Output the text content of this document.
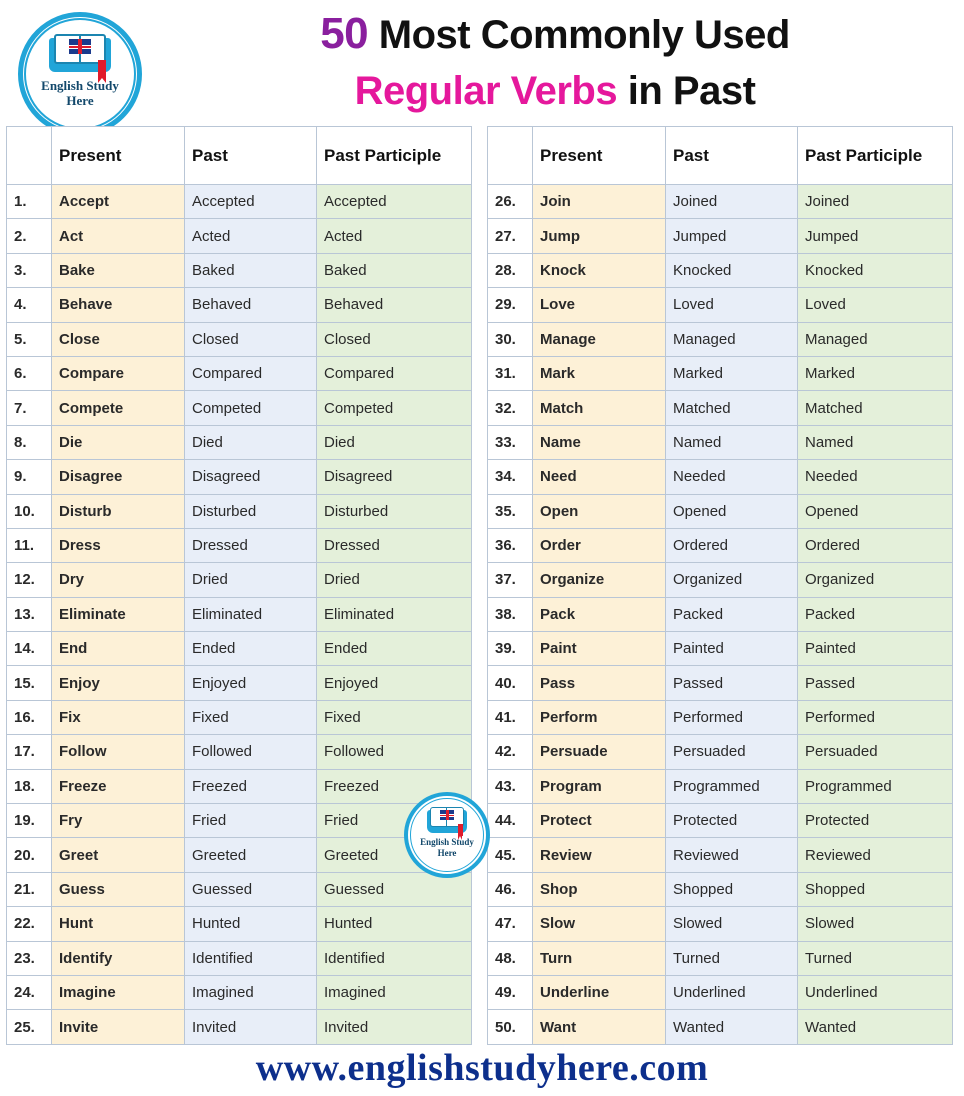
English Study
Here
50 Most Commonly Used
Regular Verbs in Past
	Present	Past	Past Participle
1.	Accept	Accepted	Accepted
2.	Act	Acted	Acted
3.	Bake	Baked	Baked
4.	Behave	Behaved	Behaved
5.	Close	Closed	Closed
6.	Compare	Compared	Compared
7.	Compete	Competed	Competed
8.	Die	Died	Died
9.	Disagree	Disagreed	Disagreed
10.	Disturb	Disturbed	Disturbed
11.	Dress	Dressed	Dressed
12.	Dry	Dried	Dried
13.	Eliminate	Eliminated	Eliminated
14.	End	Ended	Ended
15.	Enjoy	Enjoyed	Enjoyed
16.	Fix	Fixed	Fixed
17.	Follow	Followed	Followed
18.	Freeze	Freezed	Freezed
19.	Fry	Fried	Fried
20.	Greet	Greeted	Greeted
21.	Guess	Guessed	Guessed
22.	Hunt	Hunted	Hunted
23.	Identify	Identified	Identified
24.	Imagine	Imagined	Imagined
25.	Invite	Invited	Invited
	Present	Past	Past Participle
26.	Join	Joined	Joined
27.	Jump	Jumped	Jumped
28.	Knock	Knocked	Knocked
29.	Love	Loved	Loved
30.	Manage	Managed	Managed
31.	Mark	Marked	Marked
32.	Match	Matched	Matched
33.	Name	Named	Named
34.	Need	Needed	Needed
35.	Open	Opened	Opened
36.	Order	Ordered	Ordered
37.	Organize	Organized	Organized
38.	Pack	Packed	Packed
39.	Paint	Painted	Painted
40.	Pass	Passed	Passed
41.	Perform	Performed	Performed
42.	Persuade	Persuaded	Persuaded
43.	Program	Programmed	Programmed
44.	Protect	Protected	Protected
45.	Review	Reviewed	Reviewed
46.	Shop	Shopped	Shopped
47.	Slow	Slowed	Slowed
48.	Turn	Turned	Turned
49.	Underline	Underlined	Underlined
50.	Want	Wanted	Wanted
English Study
Here
www.englishstudyhere.com
